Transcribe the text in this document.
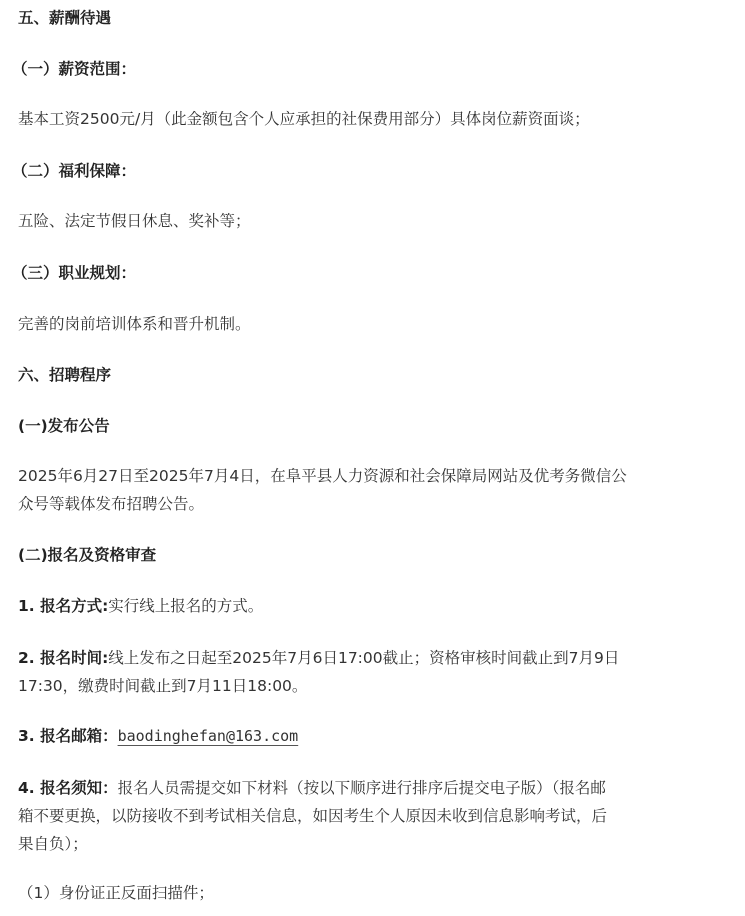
五、薪酬待遇

（一）薪资范围：

基本工资2500元/月（此金额包含个人应承担的社保费用部分）具体岗位薪资面谈；

（二）福利保障：

五险、法定节假日休息、奖补等；

（三）职业规划：

完善的岗前培训体系和晋升机制。

六、招聘程序

(一)发布公告

2025年6月27日至2025年7月4日，在阜平县人力资源和社会保障局网站及优考务微信公

众号等载体发布招聘公告。

(二)报名及资格审查

1. 报名方式:实行线上报名的方式。

2. 报名时间:线上发布之日起至2025年7月6日17:00截止；资格审核时间截止到7月9日

17:30，缴费时间截止到7月11日18:00。

3. 报名邮箱：baodinghefan@163.com

4. 报名须知：报名人员需提交如下材料（按以下顺序进行排序后提交电子版）（报名邮

箱不要更换，以防接收不到考试相关信息，如因考生个人原因未收到信息影响考试，后

果自负）；

（1）身份证正反面扫描件；
